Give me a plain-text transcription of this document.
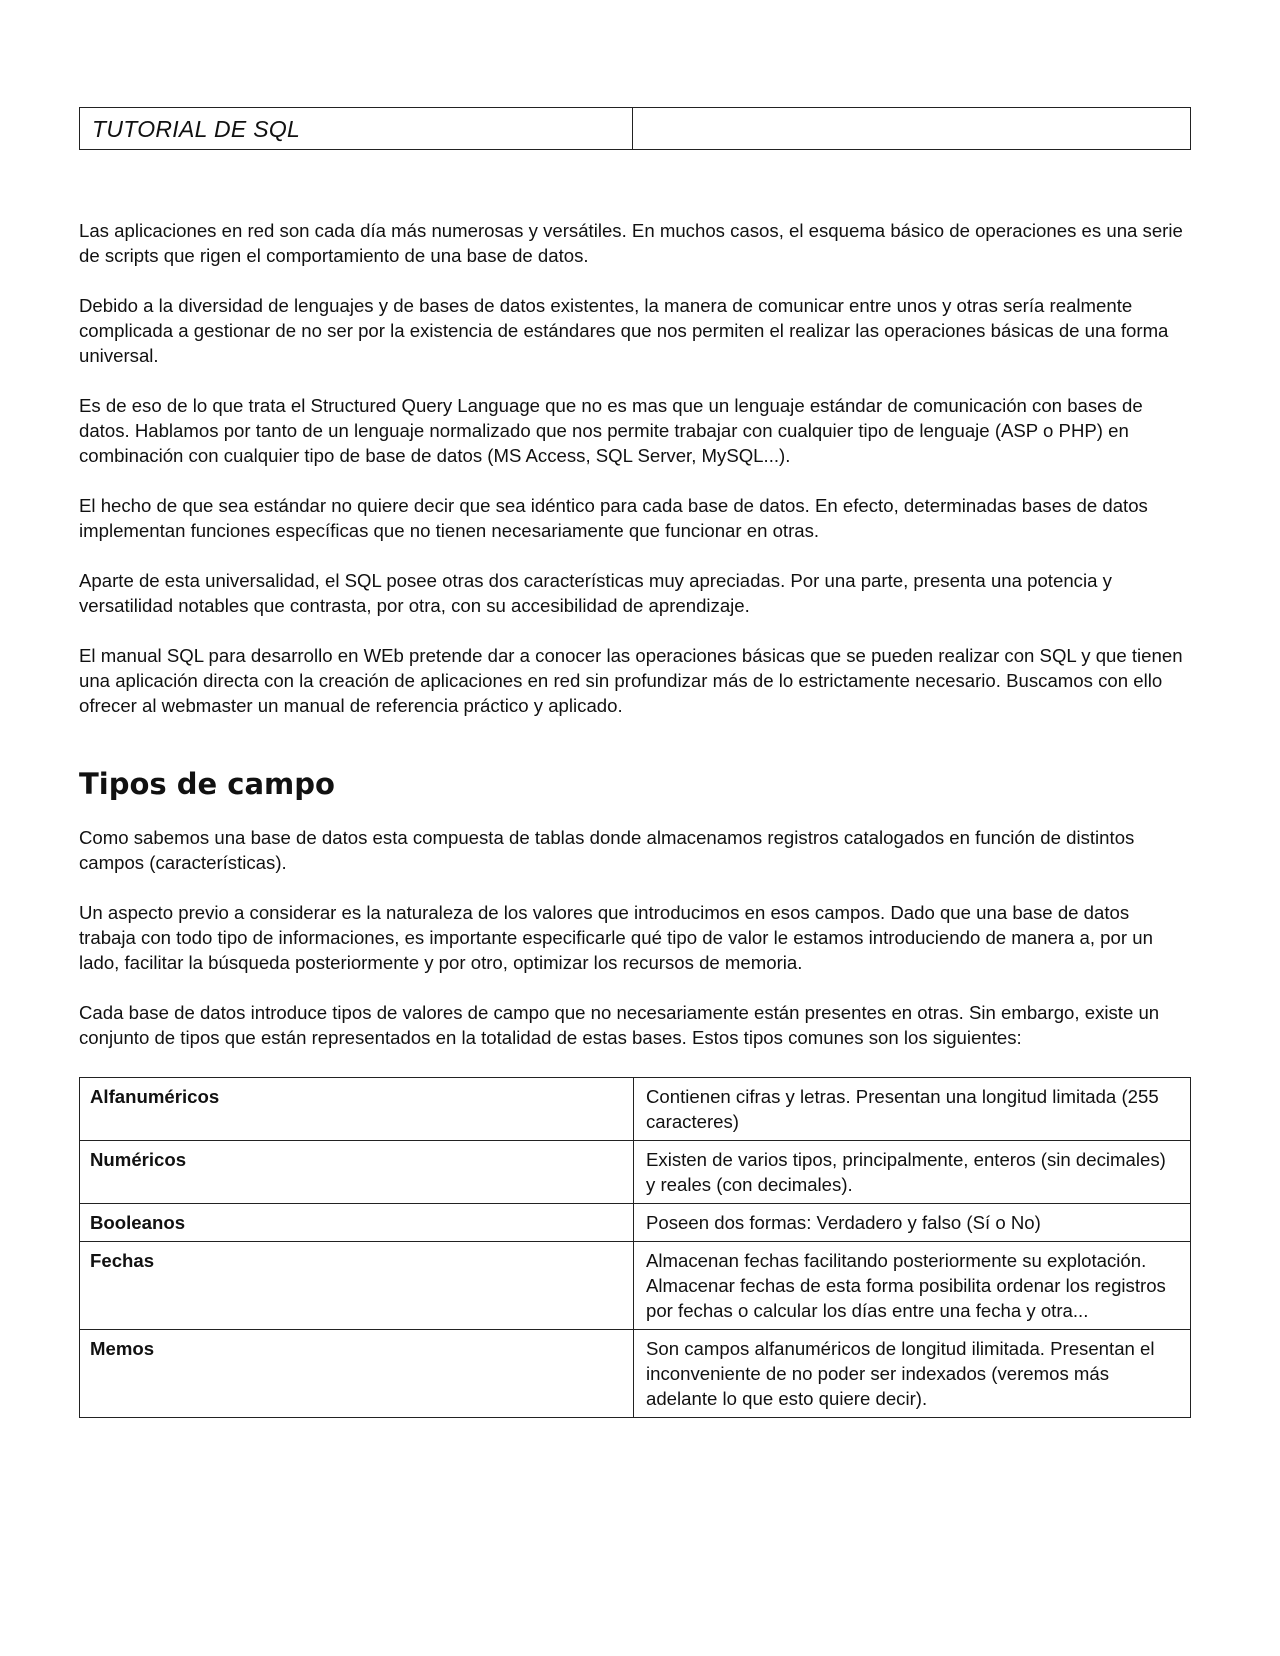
TUTORIAL DE SQL

Las aplicaciones en red son cada día más numerosas y versátiles. En muchos casos, el esquema básico de operaciones es una serie de scripts que rigen el comportamiento de una base de datos.

Debido a la diversidad de lenguajes y de bases de datos existentes, la manera de comunicar entre unos y otras sería realmente complicada a gestionar de no ser por la existencia de estándares que nos permiten el realizar las operaciones básicas de una forma universal.

Es de eso de lo que trata el Structured Query Language que no es mas que un lenguaje estándar de comunicación con bases de datos. Hablamos por tanto de un lenguaje normalizado que nos permite trabajar con cualquier tipo de lenguaje (ASP o PHP) en combinación con cualquier tipo de base de datos (MS Access, SQL Server, MySQL...).

El hecho de que sea estándar no quiere decir que sea idéntico para cada base de datos. En efecto, determinadas bases de datos implementan funciones específicas que no tienen necesariamente que funcionar en otras.

Aparte de esta universalidad, el SQL posee otras dos características muy apreciadas. Por una parte, presenta una potencia y versatilidad notables que contrasta, por otra, con su accesibilidad de aprendizaje.

El manual SQL para desarrollo en WEb pretende dar a conocer las operaciones básicas que se pueden realizar con SQL y que tienen una aplicación directa con la creación de aplicaciones en red sin profundizar más de lo estrictamente necesario. Buscamos con ello ofrecer al webmaster un manual de referencia práctico y aplicado.

Tipos de campo

Como sabemos una base de datos esta compuesta de tablas donde almacenamos registros catalogados en función de distintos campos (características).

Un aspecto previo a considerar es la naturaleza de los valores que introducimos en esos campos. Dado que una base de datos trabaja con todo tipo de informaciones, es importante especificarle qué tipo de valor le estamos introduciendo de manera a, por un lado, facilitar la búsqueda posteriormente y por otro, optimizar los recursos de memoria.

Cada base de datos introduce tipos de valores de campo que no necesariamente están presentes en otras. Sin embargo, existe un conjunto de tipos que están representados en la totalidad de estas bases. Estos tipos comunes son los siguientes:

Alfanuméricos	Contienen cifras y letras. Presentan una longitud limitada (255 caracteres)
Numéricos	Existen de varios tipos, principalmente, enteros (sin decimales) y reales (con decimales).
Booleanos	Poseen dos formas: Verdadero y falso (Sí o No)
Fechas	Almacenan fechas facilitando posteriormente su explotación. Almacenar fechas de esta forma posibilita ordenar los registros por fechas o calcular los días entre una fecha y otra...
Memos	Son campos alfanuméricos de longitud ilimitada. Presentan el inconveniente de no poder ser indexados (veremos más adelante lo que esto quiere decir).
